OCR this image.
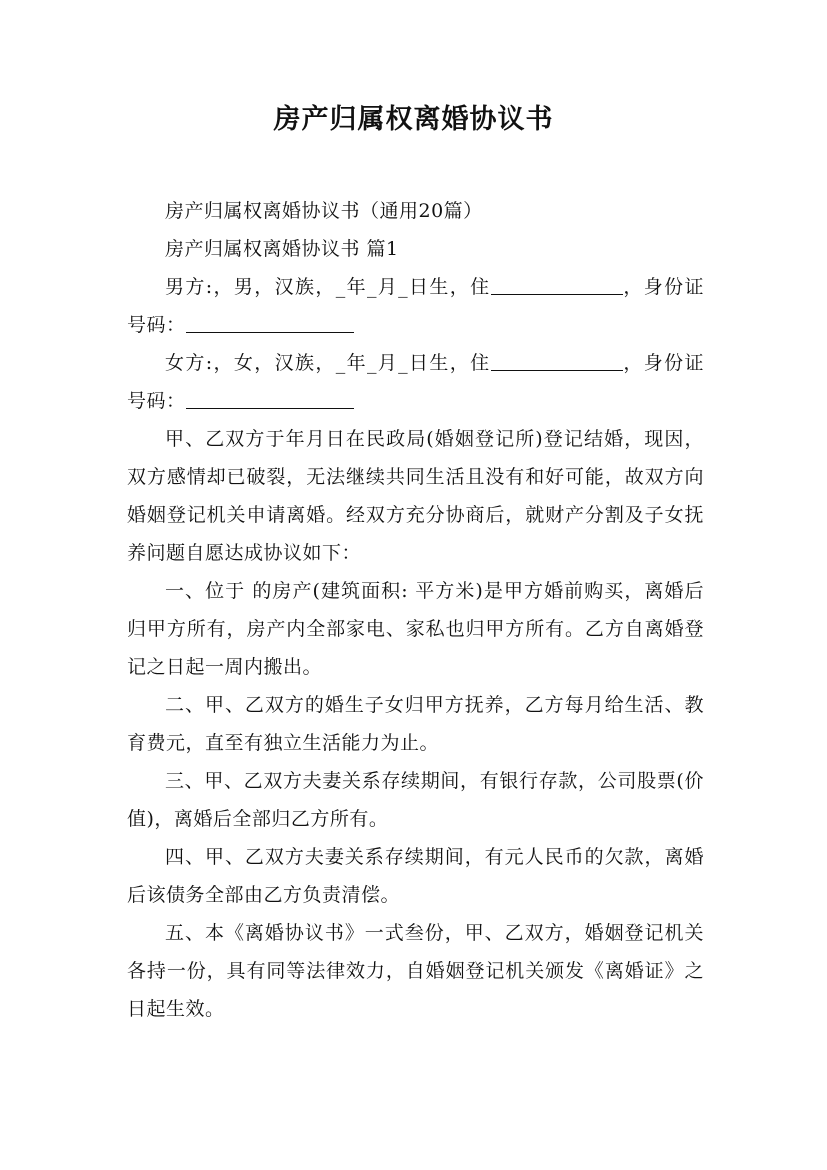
房产归属权离婚协议书

房产归属权离婚协议书（通用20篇）

房产归属权离婚协议书 篇1

男方:，男，汉族，_年_月_日生，住	，身份证号码：

女方:，女，汉族，_年_月_日生，住	，身份证号码：

甲、乙双方于年月日在民政局(婚姻登记所)登记结婚，现因，双方感情却已破裂，无法继续共同生活且没有和好可能，故双方向婚姻登记机关申请离婚。经双方充分协商后，就财产分割及子女抚养问题自愿达成协议如下：

一、位于 的房产(建筑面积: 平方米)是甲方婚前购买，离婚后归甲方所有，房产内全部家电、家私也归甲方所有。乙方自离婚登记之日起一周内搬出。

二、甲、乙双方的婚生子女归甲方抚养，乙方每月给生活、教育费元，直至有独立生活能力为止。

三、甲、乙双方夫妻关系存续期间，有银行存款，公司股票(价值)，离婚后全部归乙方所有。

四、甲、乙双方夫妻关系存续期间，有元人民币的欠款，离婚后该债务全部由乙方负责清偿。

五、本《离婚协议书》一式叁份，甲、乙双方，婚姻登记机关各持一份，具有同等法律效力，自婚姻登记机关颁发《离婚证》之日起生效。
